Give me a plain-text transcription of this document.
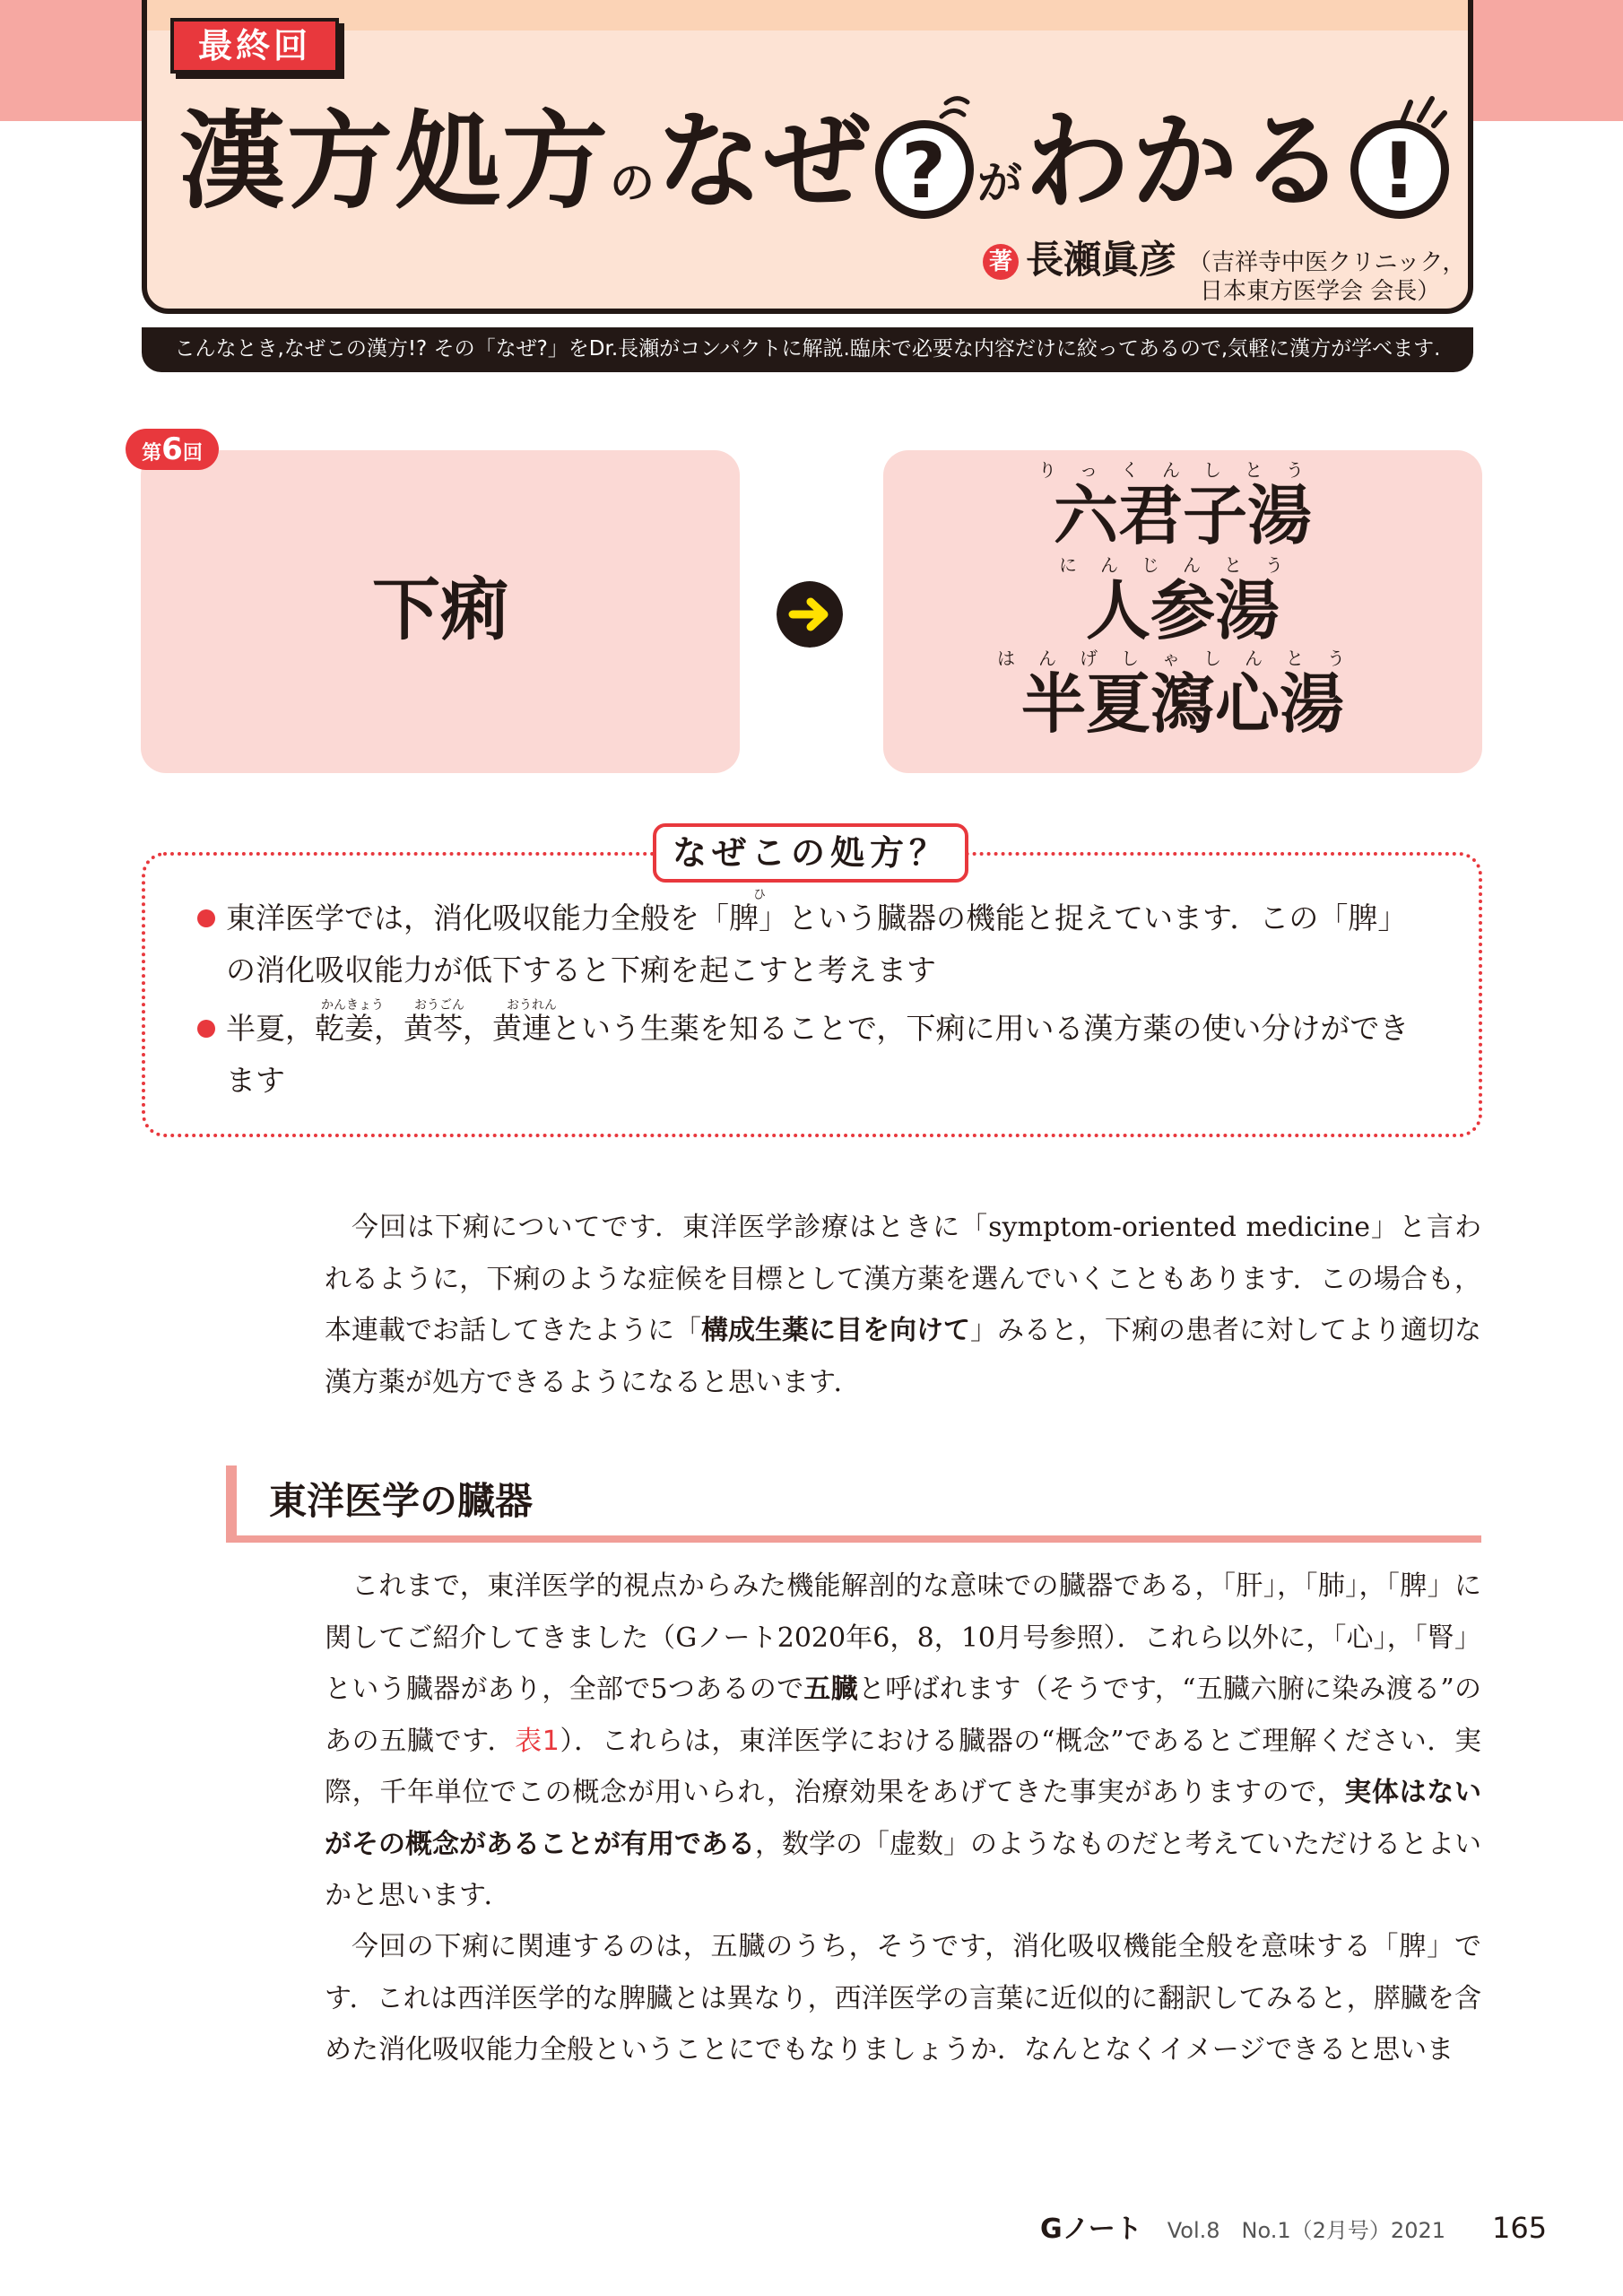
最終回
漢方処方のなぜ ? がわかる !
著 長瀬眞彦 （吉祥寺中医クリニック，
日本東方医学会 会長）
こんなとき,なぜこの漢方!? その「なぜ?」をDr.長瀬がコンパクトに解説.臨床で必要な内容だけに絞ってあるので,気軽に漢方が学べます.
第6回
下痢
りっくんしとう
六君子湯
にんじんとう
人参湯
はんげしゃしんとう
半夏瀉心湯
なぜこの処方？
ひ
東洋医学では，消化吸収能力全般を「脾」という臓器の機能と捉えています．この「脾」
の消化吸収能力が低下すると下痢を起こすと考えます
かんきょう おうごん	おうれん
半夏，乾姜，黄芩，黄連という生薬を知ることで，下痢に用いる漢方薬の使い分けができ
ます
今回は下痢についてです．東洋医学診療はときに「symptom-oriented medicine」と言われるように，下痢のような症候を目標として漢方薬を選んでいくこともあります．この場合も，本連載でお話してきたように「構成生薬に目を向けて」みると，下痢の患者に対してより適切な漢方薬が処方できるようになると思います．
東洋医学の臓器
これまで，東洋医学的視点からみた機能解剖的な意味での臓器である，「肝」，「肺」，「脾」に関してご紹介してきました（Gノート2020年6，8，10月号参照）．これら以外に，「心」，「腎」という臓器があり，全部で5つあるので五臓と呼ばれます（そうです，“五臓六腑に染み渡る”のあの五臓です．表1）．これらは，東洋医学における臓器の“概念”であるとご理解ください．実際，千年単位でこの概念が用いられ，治療効果をあげてきた事実がありますので，実体はないがその概念があることが有用である，数学の「虚数」のようなものだと考えていただけるとよいかと思います．
今回の下痢に関連するのは，五臓のうち，そうです，消化吸収機能全般を意味する「脾」です．これは西洋医学的な脾臓とは異なり，西洋医学の言葉に近似的に翻訳してみると，膵臓を含めた消化吸収能力全般ということにでもなりましょうか．なんとなくイメージできると思いま
Gノート　 Vol.8　No.1（2月号）2021 165
